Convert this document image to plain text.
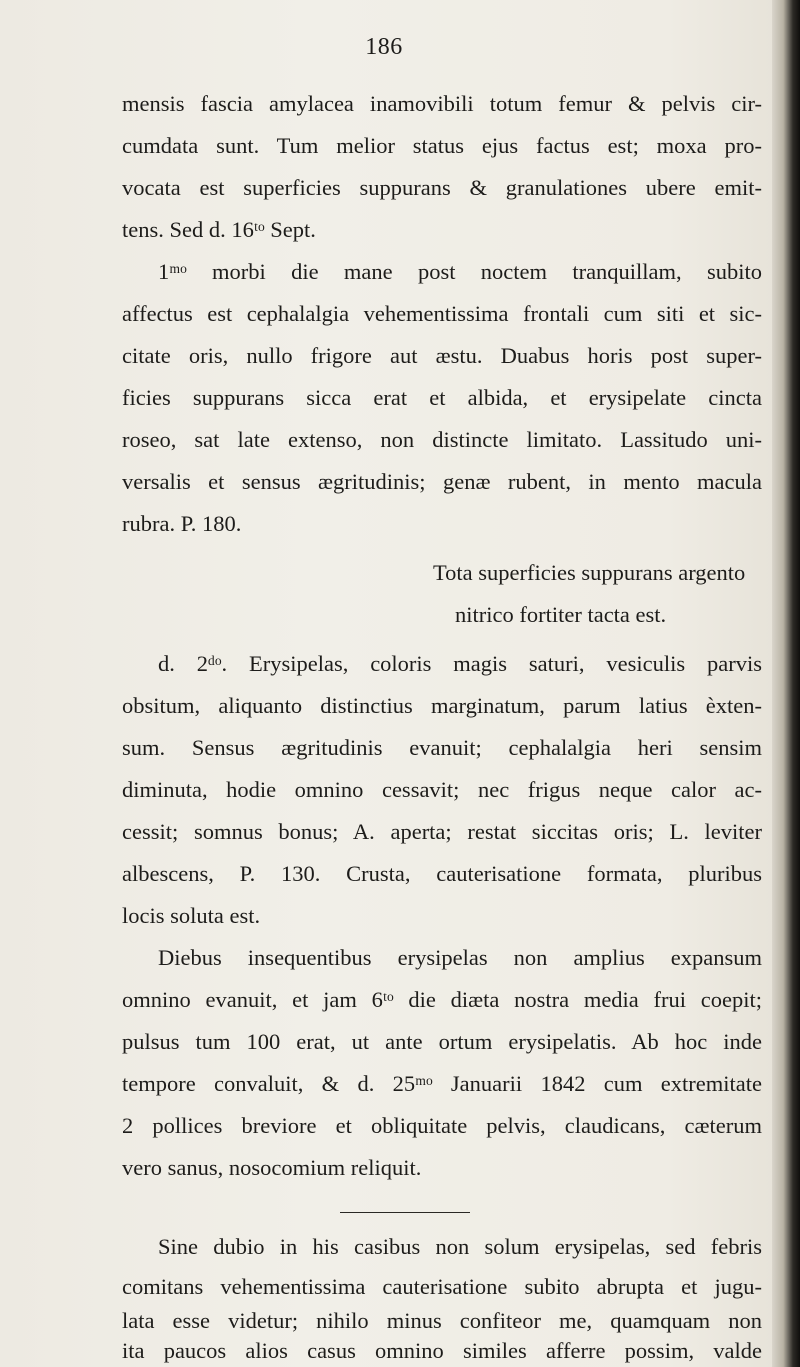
186
mensis fascia amylacea inamovibili totum femur & pelvis cir-
cumdata sunt. Tum melior status ejus factus est; moxa pro-
vocata est superficies suppurans & granulationes ubere emit-
tens. Sed d. 16ᵗᵒ Sept.
1ᵐᵒ morbi die mane post noctem tranquillam, subito
affectus est cephalalgia vehementissima frontali cum siti et sic-
citate oris, nullo frigore aut æstu. Duabus horis post super-
ficies suppurans sicca erat et albida, et erysipelate cincta
roseo, sat late extenso, non distincte limitato. Lassitudo uni-
versalis et sensus ægritudinis; genæ rubent, in mento macula
rubra. P. 180.
Tota superficies suppurans argento
nitrico fortiter tacta est.
d. 2ᵈᵒ. Erysipelas, coloris magis saturi, vesiculis parvis
obsitum, aliquanto distinctius marginatum, parum latius èxten-
sum. Sensus ægritudinis evanuit; cephalalgia heri sensim
diminuta, hodie omnino cessavit; nec frigus neque calor ac-
cessit; somnus bonus; A. aperta; restat siccitas oris; L. leviter
albescens, P. 130. Crusta, cauterisatione formata, pluribus
locis soluta est.
Diebus insequentibus erysipelas non amplius expansum
omnino evanuit, et jam 6ᵗᵒ die diæta nostra media frui coepit;
pulsus tum 100 erat, ut ante ortum erysipelatis. Ab hoc inde
tempore convaluit, & d. 25ᵐᵒ Januarii 1842 cum extremitate
2 pollices breviore et obliquitate pelvis, claudicans, cæterum
vero sanus, nosocomium reliquit.
Sine dubio in his casibus non solum erysipelas, sed febris
comitans vehementissima cauterisatione subito abrupta et jugu-
lata esse videtur; nihilo minus confiteor me, quamquam non
ita paucos alios casus omnino similes afferre possim, valde
